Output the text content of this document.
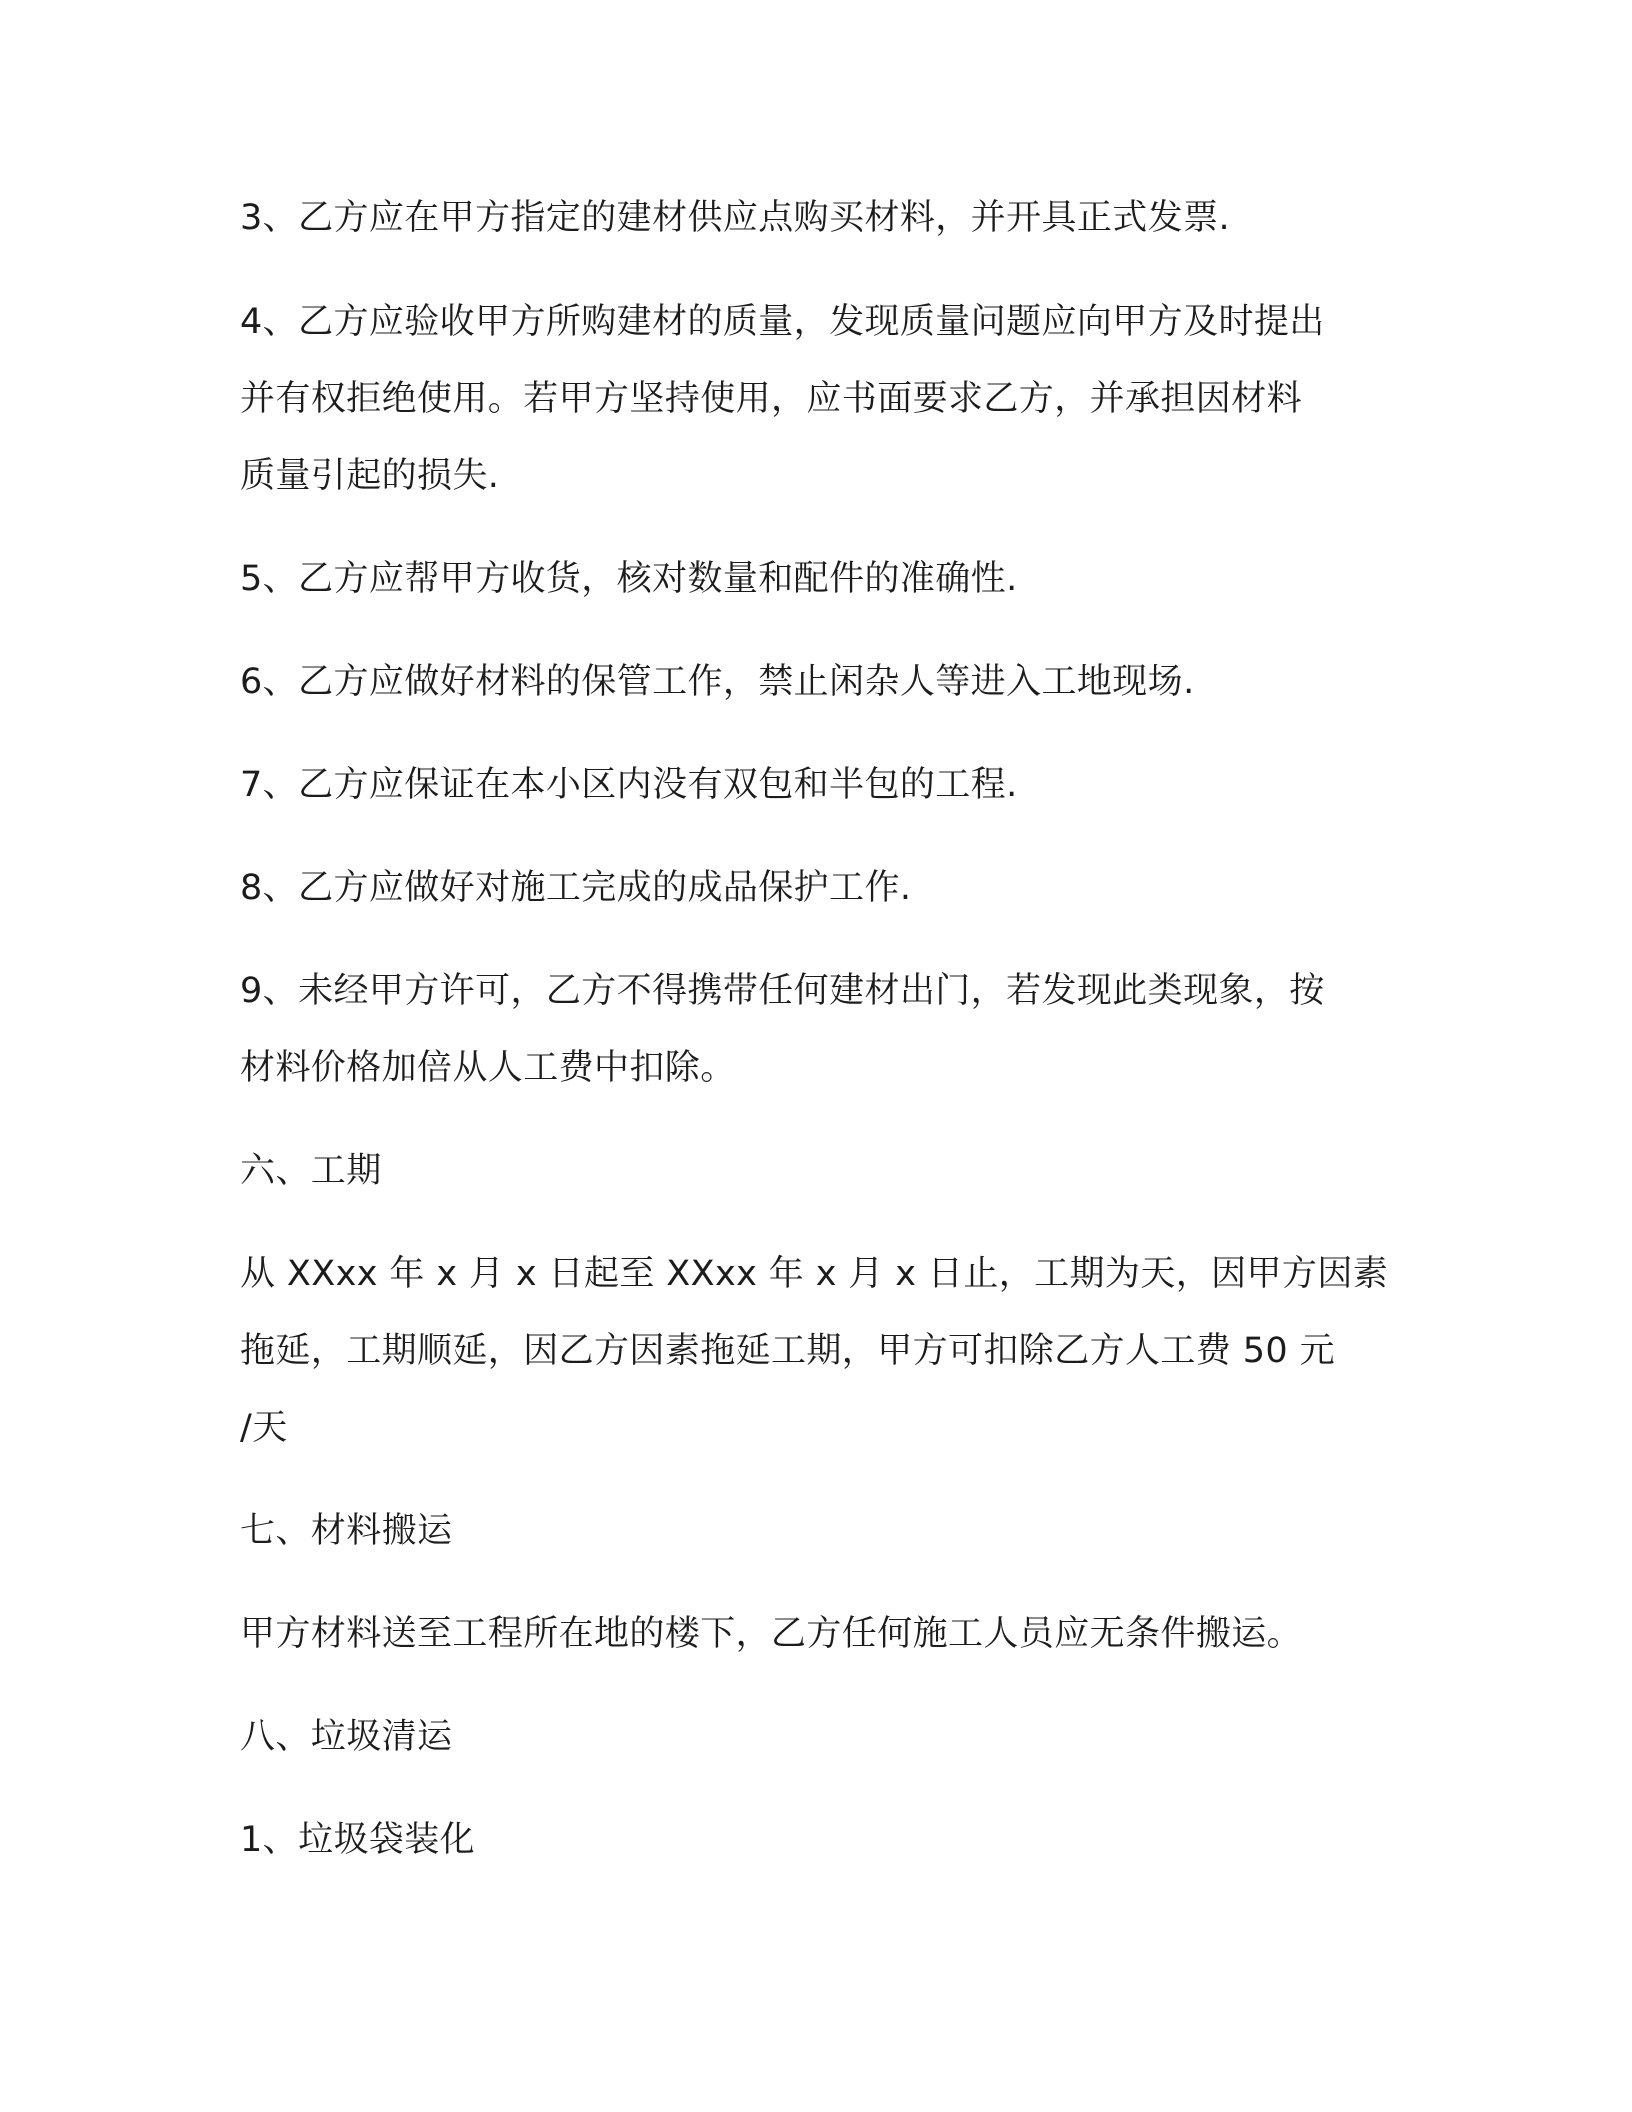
3、乙方应在甲方指定的建材供应点购买材料，并开具正式发票.
4、乙方应验收甲方所购建材的质量，发现质量问题应向甲方及时提出
并有权拒绝使用。若甲方坚持使用，应书面要求乙方，并承担因材料
质量引起的损失.
5、乙方应帮甲方收货，核对数量和配件的准确性.
6、乙方应做好材料的保管工作，禁止闲杂人等进入工地现场.
7、乙方应保证在本小区内没有双包和半包的工程.
8、乙方应做好对施工完成的成品保护工作.
9、未经甲方许可，乙方不得携带任何建材出门，若发现此类现象，按
材料价格加倍从人工费中扣除。
六、工期
从 XXxx 年 x 月 x 日起至 XXxx 年 x 月 x 日止，工期为天，因甲方因素
拖延，工期顺延，因乙方因素拖延工期，甲方可扣除乙方人工费 50 元
/天
七、材料搬运
甲方材料送至工程所在地的楼下，乙方任何施工人员应无条件搬运。
八、垃圾清运
1、垃圾袋装化
